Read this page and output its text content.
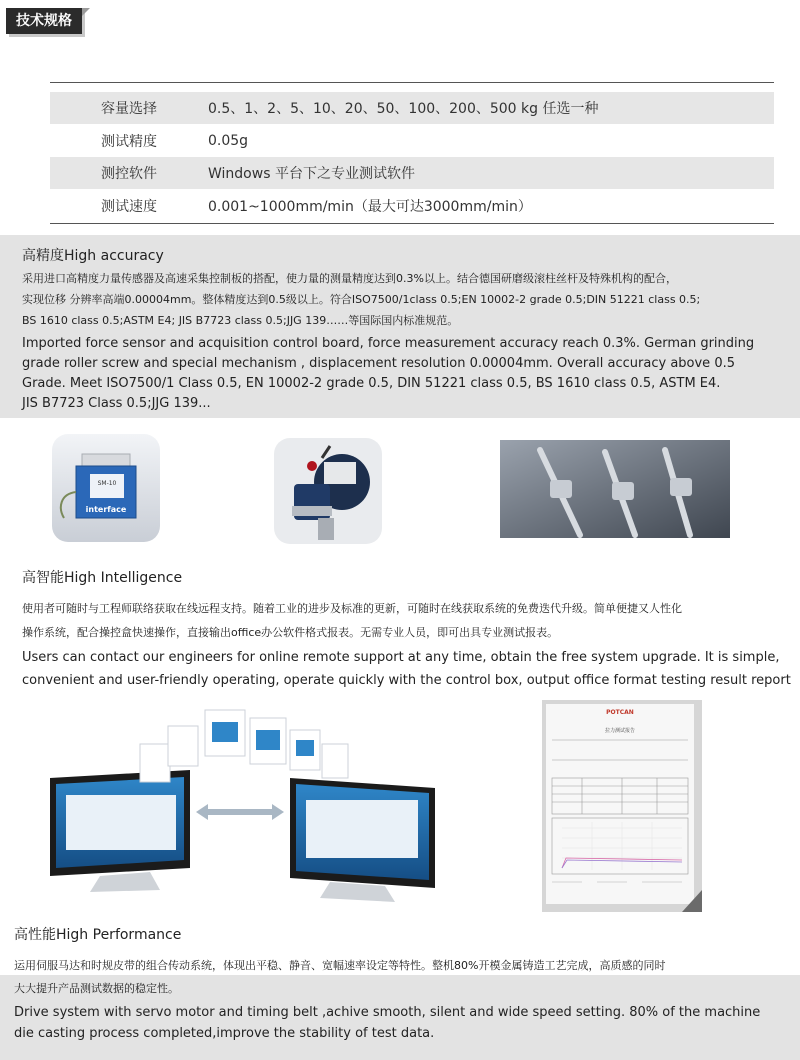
技术规格
容量选择	0.5、1、2、5、10、20、50、100、200、500 kg 任选一种
测试精度	0.05g
测控软件	Windows 平台下之专业测试软件
测试速度	0.001~1000mm/min（最大可达3000mm/min）
高精度High accuracy
采用进口高精度力量传感器及高速采集控制板的搭配，使力量的测量精度达到0.3%以上。结合德国研磨级滚柱丝杆及特殊机构的配合，
实现位移 分辨率高端0.00004mm。整体精度达到0.5级以上。符合ISO7500/1class 0.5;EN 10002-2 grade 0.5;DIN 51221 class 0.5;
BS 1610 class 0.5;ASTM E4; JIS B7723 class 0.5;JJG 139……等国际国内标准规范。
Imported force sensor and acquisition control board, force measurement accuracy reach 0.3%. German grinding
grade roller screw and special mechanism , displacement resolution 0.00004mm. Overall accuracy above 0.5
Grade. Meet ISO7500/1 Class 0.5, EN 10002-2 grade 0.5, DIN 51221 class 0.5, BS 1610 class 0.5, ASTM E4.
JIS B7723 Class 0.5;JJG 139...
SM-10
interface
高智能High Intelligence
使用者可随时与工程师联络获取在线远程支持。随着工业的进步及标准的更新，可随时在线获取系统的免费迭代升级。简单便捷又人性化
操作系统，配合操控盒快速操作，直接输出office办公软件格式报表。无需专业人员，即可出具专业测试报表。
Users can contact our engineers for online remote support at any time, obtain the free system upgrade. It is simple,
convenient and user-friendly operating, operate quickly with the control box, output office format testing result report
POTCAN
拉力测试报告
高性能High Performance
运用伺服马达和时规皮带的组合传动系统，体现出平稳、静音、宽幅速率设定等特性。整机80%开模金属铸造工艺完成，高质感的同时
大大提升产品测试数据的稳定性。
Drive system with servo motor and timing belt ,achive smooth, silent and wide speed setting. 80% of the machine
die casting process completed,improve the stability of test data.
